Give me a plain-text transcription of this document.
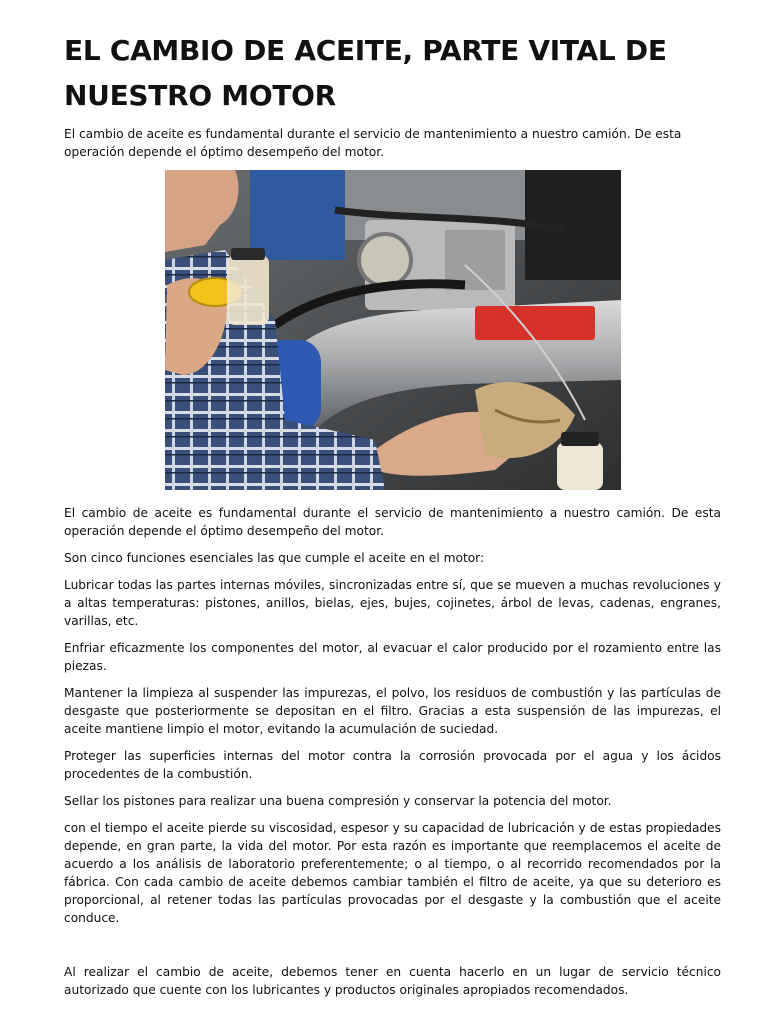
EL CAMBIO DE ACEITE, PARTE VITAL DE NUESTRO MOTOR

El cambio de aceite es fundamental durante el servicio de mantenimiento a nuestro camión. De esta operación depende el óptimo desempeño del motor.

El cambio de aceite es fundamental durante el servicio de mantenimiento a nuestro camión. De esta operación depende el óptimo desempeño del motor.

Son cinco funciones esenciales las que cumple el aceite en el motor:

Lubricar todas las partes internas móviles, sincronizadas entre sí, que se mueven a muchas revoluciones y a altas temperaturas: pistones, anillos, bielas, ejes, bujes, cojinetes, árbol de levas, cadenas, engranes, varillas, etc.

Enfriar eficazmente los componentes del motor, al evacuar el calor producido por el rozamiento entre las piezas.

Mantener la limpieza al suspender las impurezas, el polvo, los residuos de combustión y las partículas de desgaste que posteriormente se depositan en el filtro. Gracias a esta suspensión de las impurezas, el aceite mantiene limpio el motor, evitando la acumulación de suciedad.

Proteger las superficies internas del motor contra la corrosión provocada por el agua y los ácidos procedentes de la combustión.

Sellar los pistones para realizar una buena compresión y conservar la potencia del motor.

con el tiempo el aceite pierde su viscosidad, espesor y su capacidad de lubricación y de estas propiedades depende, en gran parte, la vida del motor. Por esta razón es importante que reemplacemos el aceite de acuerdo a los análisis de laboratorio preferentemente; o al tiempo, o al recorrido recomendados por la fábrica. Con cada cambio de aceite debemos cambiar también el filtro de aceite, ya que su deterioro es proporcional, al retener todas las partículas provocadas por el desgaste y la combustión que el aceite conduce.

Al realizar el cambio de aceite, debemos tener en cuenta hacerlo en un lugar de servicio técnico autorizado que cuente con los lubricantes y productos originales apropiados recomendados.
